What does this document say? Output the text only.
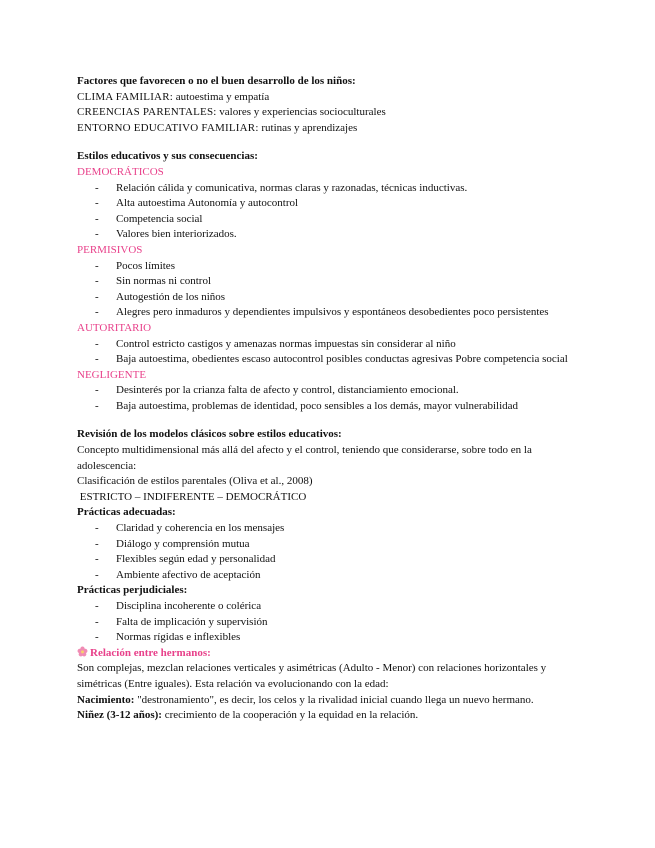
Factores que favorecen o no el buen desarrollo de los niños:
CLIMA FAMILIAR: autoestima y empatía
CREENCIAS PARENTALES: valores y experiencias socioculturales
ENTORNO EDUCATIVO FAMILIAR: rutinas y aprendizajes
Estilos educativos y sus consecuencias:
DEMOCRÁTICOS
- Relación cálida y comunicativa, normas claras y razonadas, técnicas inductivas.
- Alta autoestima Autonomía y autocontrol
- Competencia social
- Valores bien interiorizados.
PERMISIVOS
- Pocos límites
- Sin normas ni control
- Autogestión de los niños
- Alegres pero inmaduros y dependientes impulsivos y espontáneos desobedientes poco persistentes
AUTORITARIO
- Control estricto castigos y amenazas normas impuestas sin considerar al niño
- Baja autoestima, obedientes escaso autocontrol posibles conductas agresivas Pobre competencia social
NEGLIGENTE
- Desinterés por la crianza falta de afecto y control, distanciamiento emocional.
- Baja autoestima, problemas de identidad, poco sensibles a los demás, mayor vulnerabilidad
Revisión de los modelos clásicos sobre estilos educativos:
Concepto multidimensional más allá del afecto y el control, teniendo que considerarse, sobre todo en la adolescencia:
Clasificación de estilos parentales (Oliva et al., 2008)
ESTRICTO – INDIFERENTE – DEMOCRÁTICO
Prácticas adecuadas:
- Claridad y coherencia en los mensajes
- Diálogo y comprensión mutua
- Flexibles según edad y personalidad
- Ambiente afectivo de aceptación
Prácticas perjudiciales:
- Disciplina incoherente o colérica
- Falta de implicación y supervisión
- Normas rígidas e inflexibles
Relación entre hermanos:
Son complejas, mezclan relaciones verticales y asimétricas (Adulto - Menor) con relaciones horizontales y simétricas (Entre iguales). Esta relación va evolucionando con la edad:
Nacimiento: "destronamiento", es decir, los celos y la rivalidad inicial cuando llega un nuevo hermano.
Niñez (3-12 años): crecimiento de la cooperación y la equidad en la relación.
